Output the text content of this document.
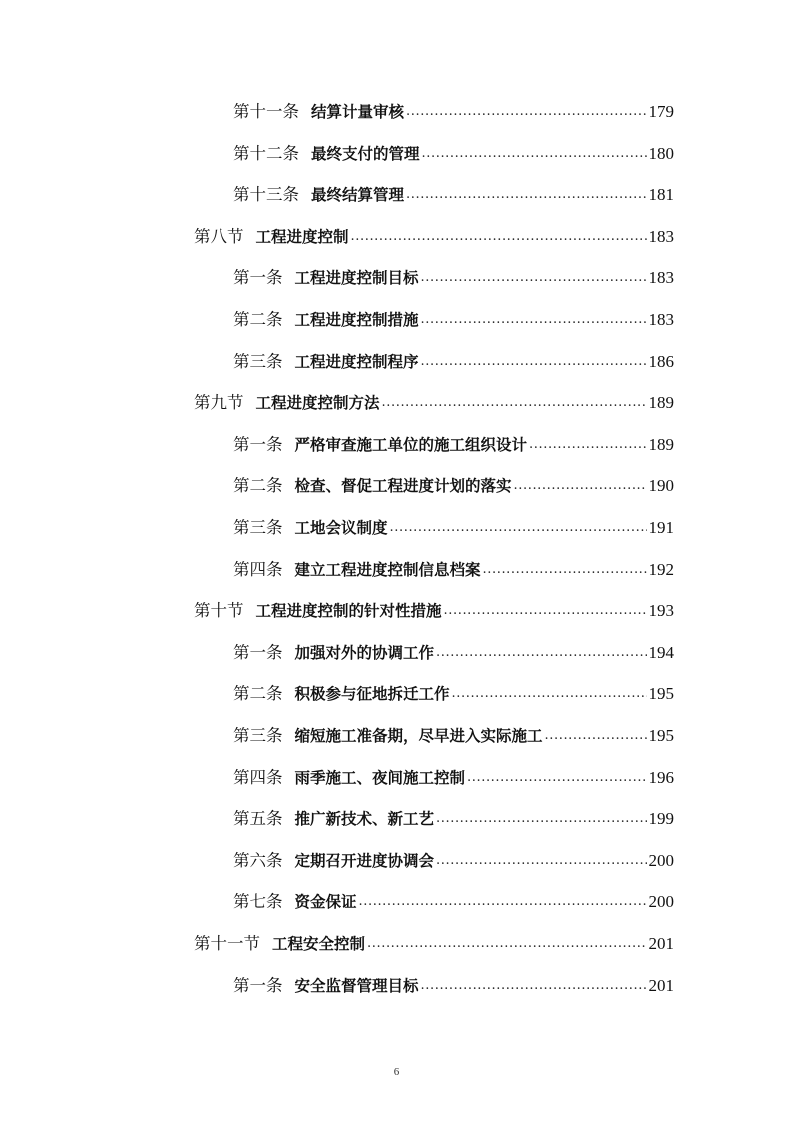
第十一条 结算计量审核 .....	179
第十二条 最终支付的管理 .....	180
第十三条 最终结算管理 .....	181
第八节 工程进度控制 .....	183
第一条 工程进度控制目标 .....	183
第二条 工程进度控制措施 .....	183
第三条 工程进度控制程序 .....	186
第九节 工程进度控制方法 .....	189
第一条 严格审查施工单位的施工组织设计 .....	189
第二条 检查、督促工程进度计划的落实 .....	190
第三条 工地会议制度 .....	191
第四条 建立工程进度控制信息档案 .....	192
第十节 工程进度控制的针对性措施 .....	193
第一条 加强对外的协调工作 .....	194
第二条 积极参与征地拆迁工作 .....	195
第三条 缩短施工准备期，尽早进入实际施工 .....	195
第四条 雨季施工、夜间施工控制 .....	196
第五条 推广新技术、新工艺 .....	199
第六条 定期召开进度协调会 .....	200
第七条 资金保证 .....	200
第十一节 工程安全控制 .....	201
第一条 安全监督管理目标 .....	201
6
